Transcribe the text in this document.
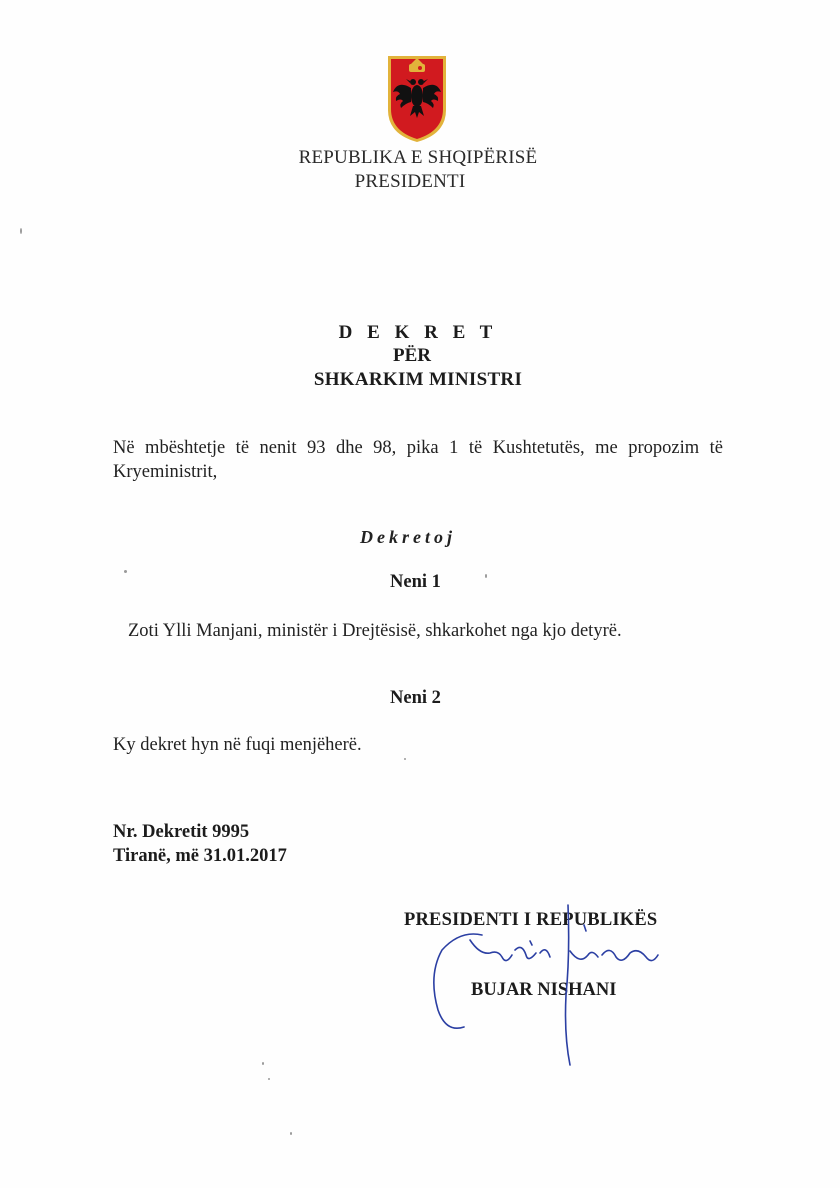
REPUBLIKA E SHQIPËRISË
PRESIDENTI
D E K R E T
PËR
SHKARKIM MINISTRI
Në mbështetje të nenit 93 dhe 98, pika 1 të Kushtetutës, me propozim të
Kryeministrit,
Dekretoj
Neni 1
Zoti Ylli Manjani, ministër i Drejtësisë, shkarkohet nga kjo detyrë.
Neni 2
Ky dekret hyn në fuqi menjëherë.
Nr. Dekretit 9995
Tiranë, më 31.01.2017
PRESIDENTI I REPUBLIKËS
BUJAR NISHANI
